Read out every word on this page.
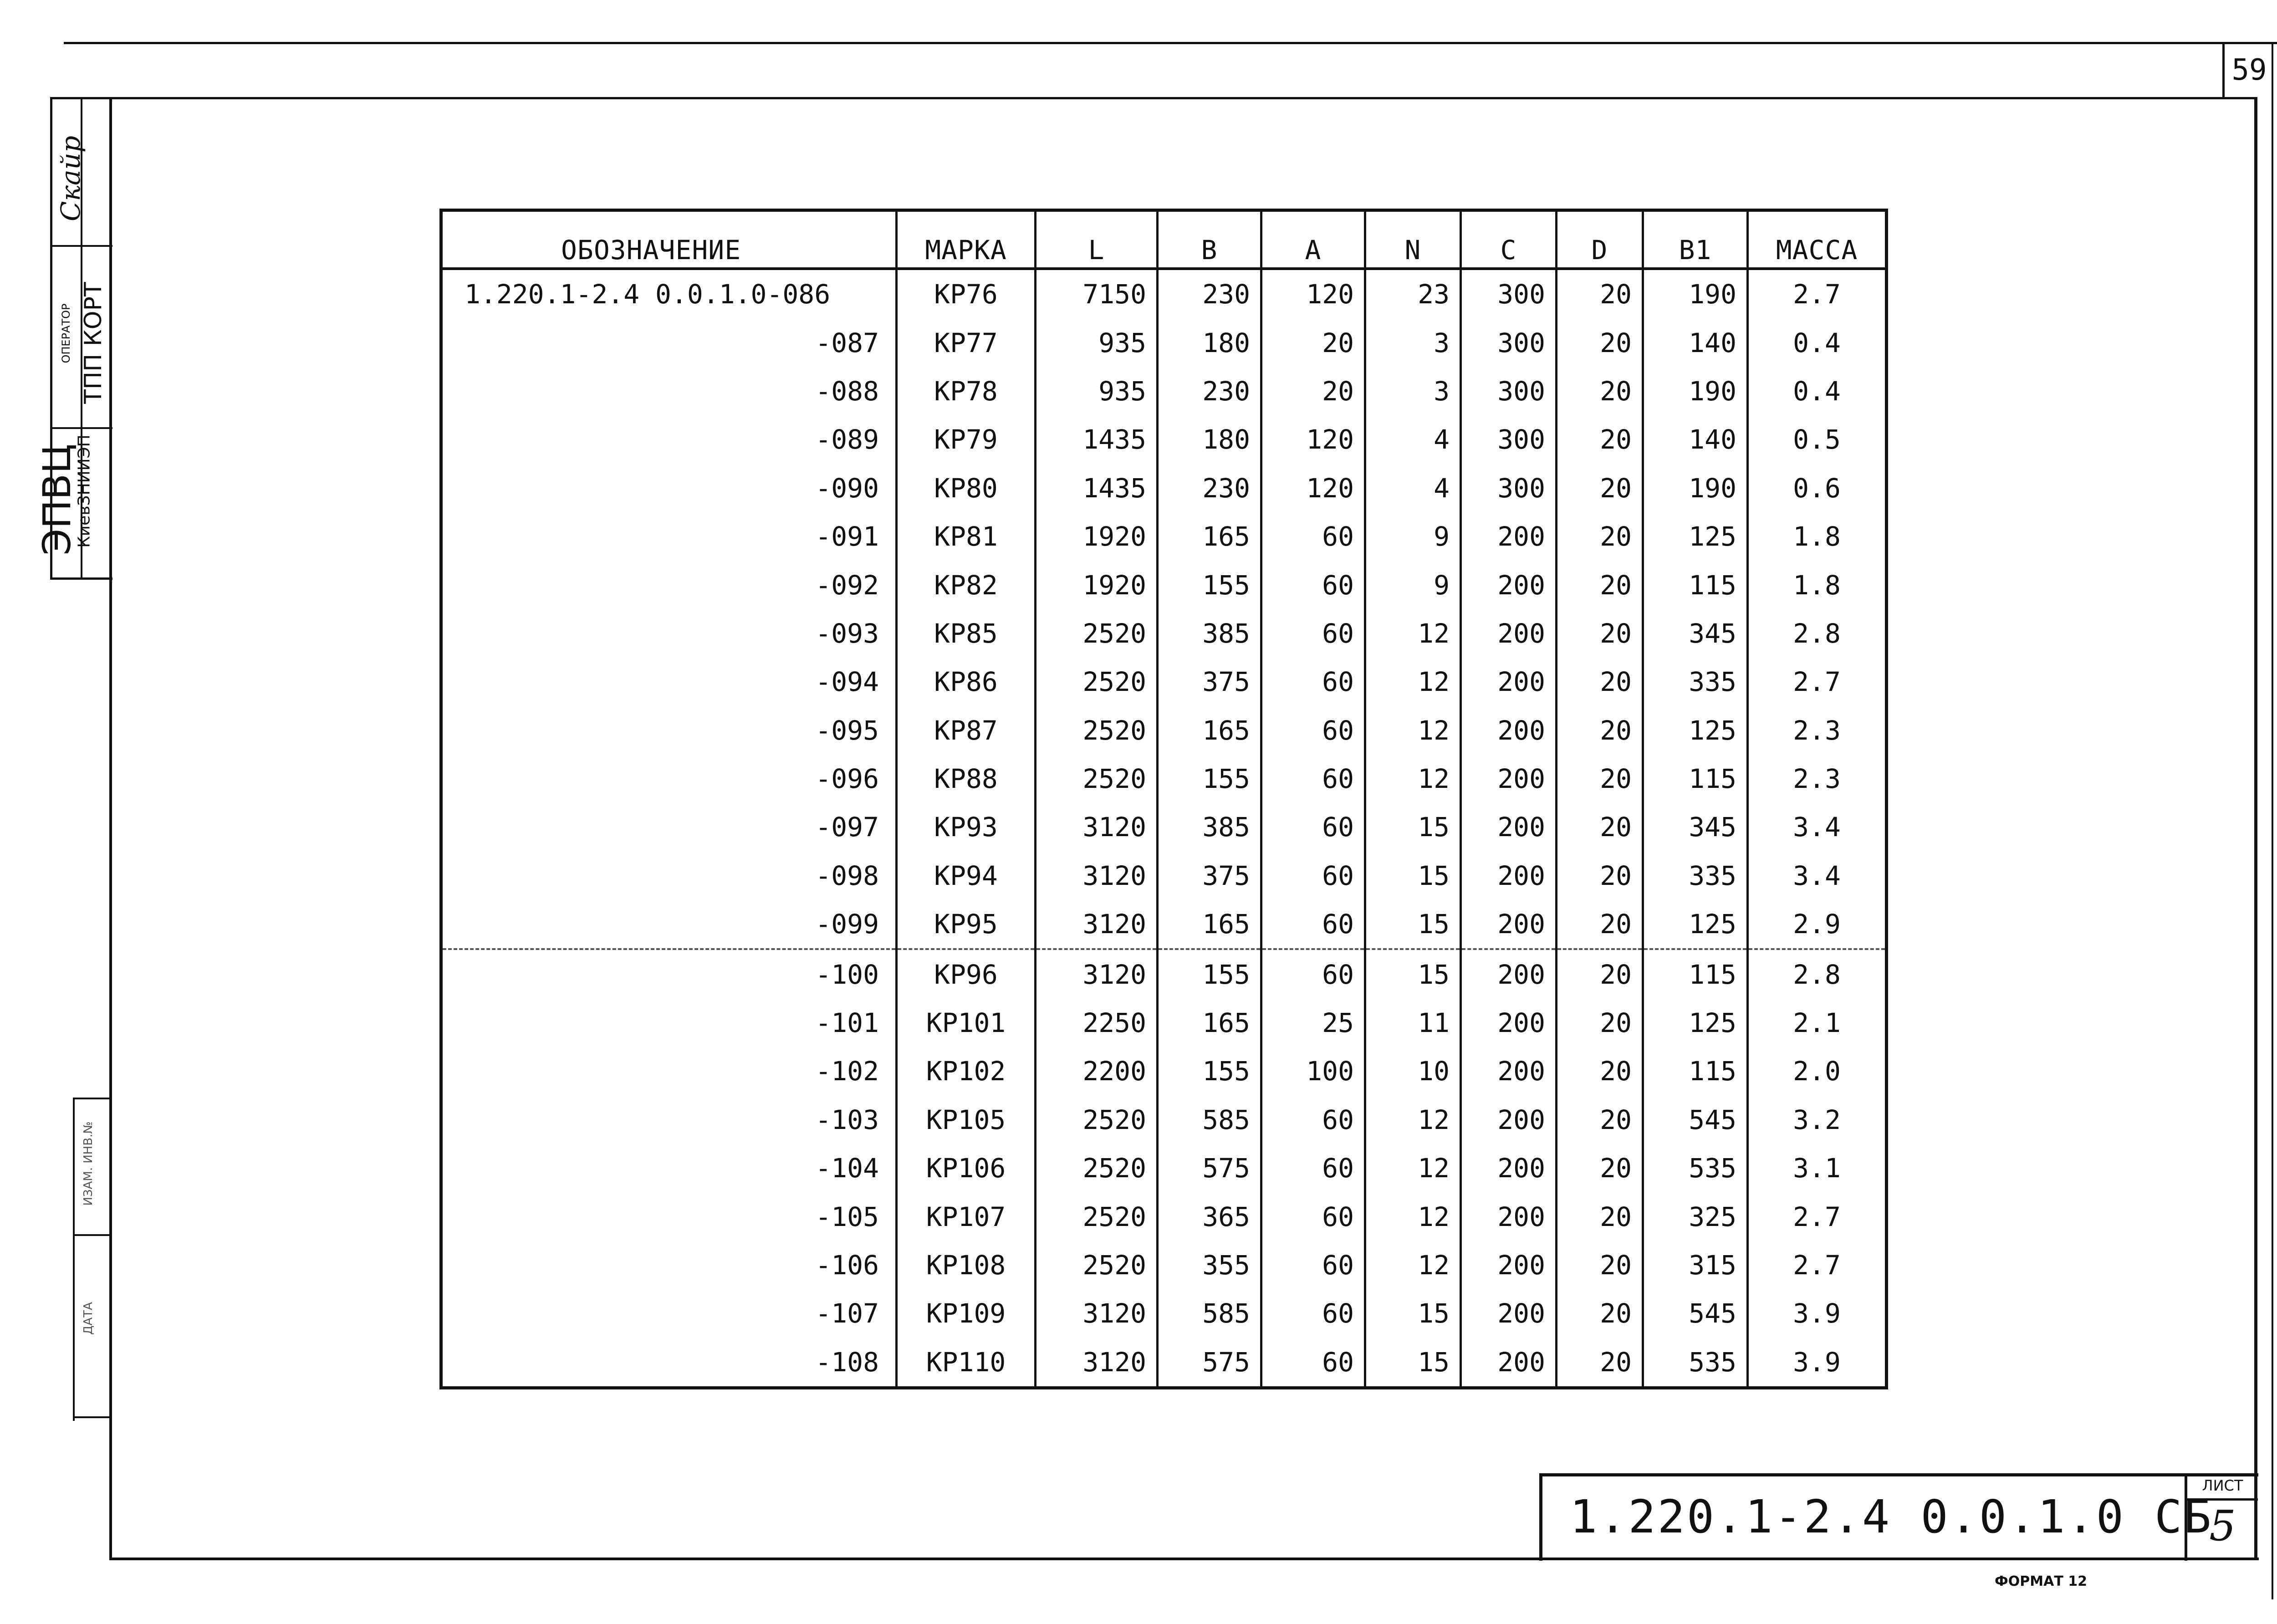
59
Скайр
ОПЕРАТОР ТПП КОРТ
ЭПВЦ
КиевЗНИИЭП
ИЗАМ. ИНВ.№
ДАТА
ОБОЗНАЧЕНИЕ	МАРКА	L	B	A	N	C	D	B1	МАССА
1.220.1-2.4 0.0.1.0-086	КР76	7150	230	120	23	300	20	190	2.7
-087	КР77	935	180	20	3	300	20	140	0.4
-088	КР78	935	230	20	3	300	20	190	0.4
-089	КР79	1435	180	120	4	300	20	140	0.5
-090	КР80	1435	230	120	4	300	20	190	0.6
-091	КР81	1920	165	60	9	200	20	125	1.8
-092	КР82	1920	155	60	9	200	20	115	1.8
-093	КР85	2520	385	60	12	200	20	345	2.8
-094	КР86	2520	375	60	12	200	20	335	2.7
-095	КР87	2520	165	60	12	200	20	125	2.3
-096	КР88	2520	155	60	12	200	20	115	2.3
-097	КР93	3120	385	60	15	200	20	345	3.4
-098	КР94	3120	375	60	15	200	20	335	3.4
-099	КР95	3120	165	60	15	200	20	125	2.9
-100	КР96	3120	155	60	15	200	20	115	2.8
-101	КР101	2250	165	25	11	200	20	125	2.1
-102	КР102	2200	155	100	10	200	20	115	2.0
-103	КР105	2520	585	60	12	200	20	545	3.2
-104	КР106	2520	575	60	12	200	20	535	3.1
-105	КР107	2520	365	60	12	200	20	325	2.7
-106	КР108	2520	355	60	12	200	20	315	2.7
-107	КР109	3120	585	60	15	200	20	545	3.9
-108	КР110	3120	575	60	15	200	20	535	3.9
1.220.1-2.4 0.0.1.0 СБ
ЛИСТ
5
ФОРМАТ 12
